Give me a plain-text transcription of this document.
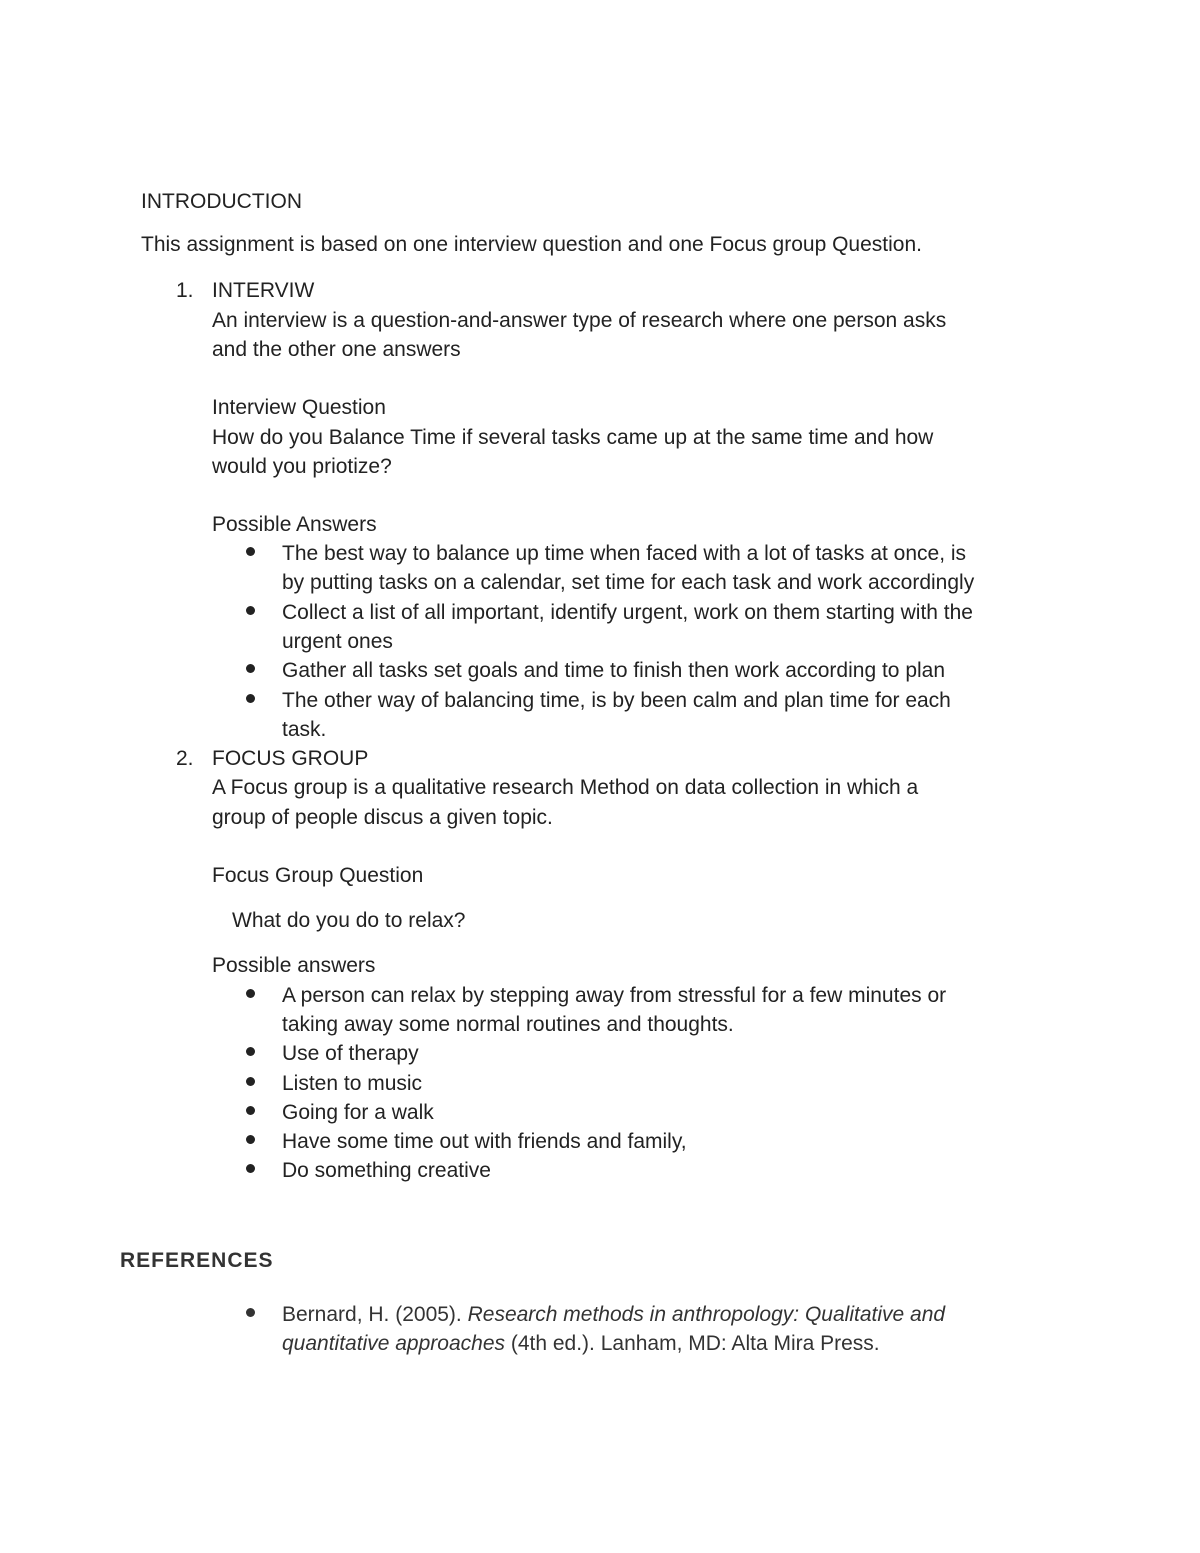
INTRODUCTION
This assignment is based on one interview question and one Focus group Question.
1. INTERVIW
An interview is a question-and-answer type of research where one person asks
and the other one answers
Interview Question
How do you Balance Time if several tasks came up at the same time and how
would you priotize?
Possible Answers
The best way to balance up time when faced with a lot of tasks at once, is
by putting tasks on a calendar, set time for each task and work accordingly
Collect a list of all important, identify urgent, work on them starting with the
urgent ones
Gather all tasks set goals and time to finish then work according to plan
The other way of balancing time, is by been calm and plan time for each
task.
2. FOCUS GROUP
A Focus group is a qualitative research Method on data collection in which a
group of people discus a given topic.
Focus Group Question
What do you do to relax?
Possible answers
A person can relax by stepping away from stressful for a few minutes or
taking away some normal routines and thoughts.
Use of therapy
Listen to music
Going for a walk
Have some time out with friends and family,
Do something creative
REFERENCES
Bernard, H. (2005). Research methods in anthropology: Qualitative and
quantitative approaches (4th ed.). Lanham, MD: Alta Mira Press.
